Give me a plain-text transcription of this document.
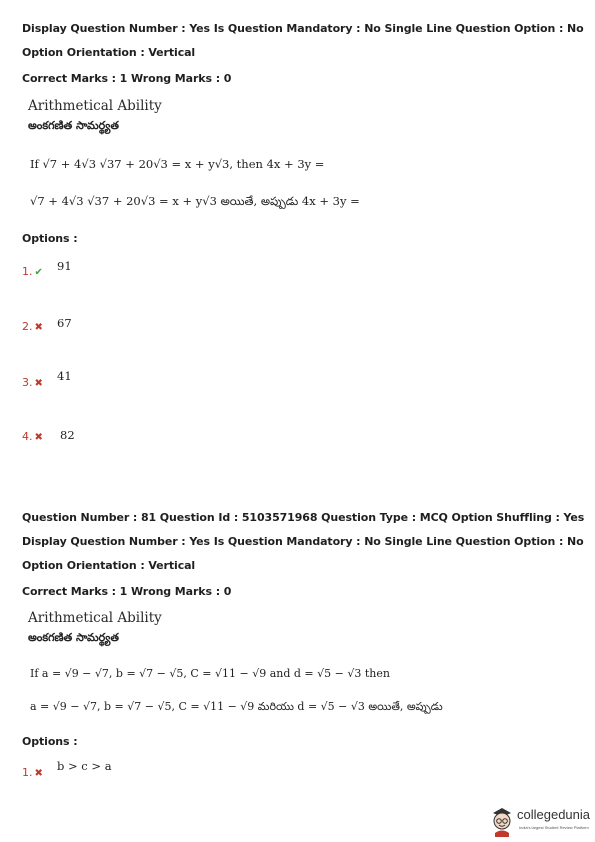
Display Question Number : Yes Is Question Mandatory : No Single Line Question Option : No
Option Orientation : Vertical
Correct Marks : 1 Wrong Marks : 0
Arithmetical Ability
అంకగణిత సామర్థ్యత
If √7 + 4√3 √37 + 20√3 = x + y√3, then 4x + 3y =
√7 + 4√3 √37 + 20√3 = x + y√3 అయితే, అప్పుడు 4x + 3y =
Options :
1. ✔ 91
2. ✖ 67
3. ✖
41
4. ✖ 82
Question Number : 81 Question Id : 5103571968 Question Type : MCQ Option Shuffling : Yes
Display Question Number : Yes Is Question Mandatory : No Single Line Question Option : No
Option Orientation : Vertical
Correct Marks : 1 Wrong Marks : 0
Arithmetical Ability
అంకగణిత సామర్థ్యత
If a = √9 − √7, b = √7 − √5, C = √11 − √9 and d = √5 − √3 then
a = √9 − √7, b = √7 − √5, C = √11 − √9 మరియు d = √5 − √3 అయితే, అప్పుడు
Options :
1. ✖
b > c > a
collegedunia
India's largest Student Review Platform
